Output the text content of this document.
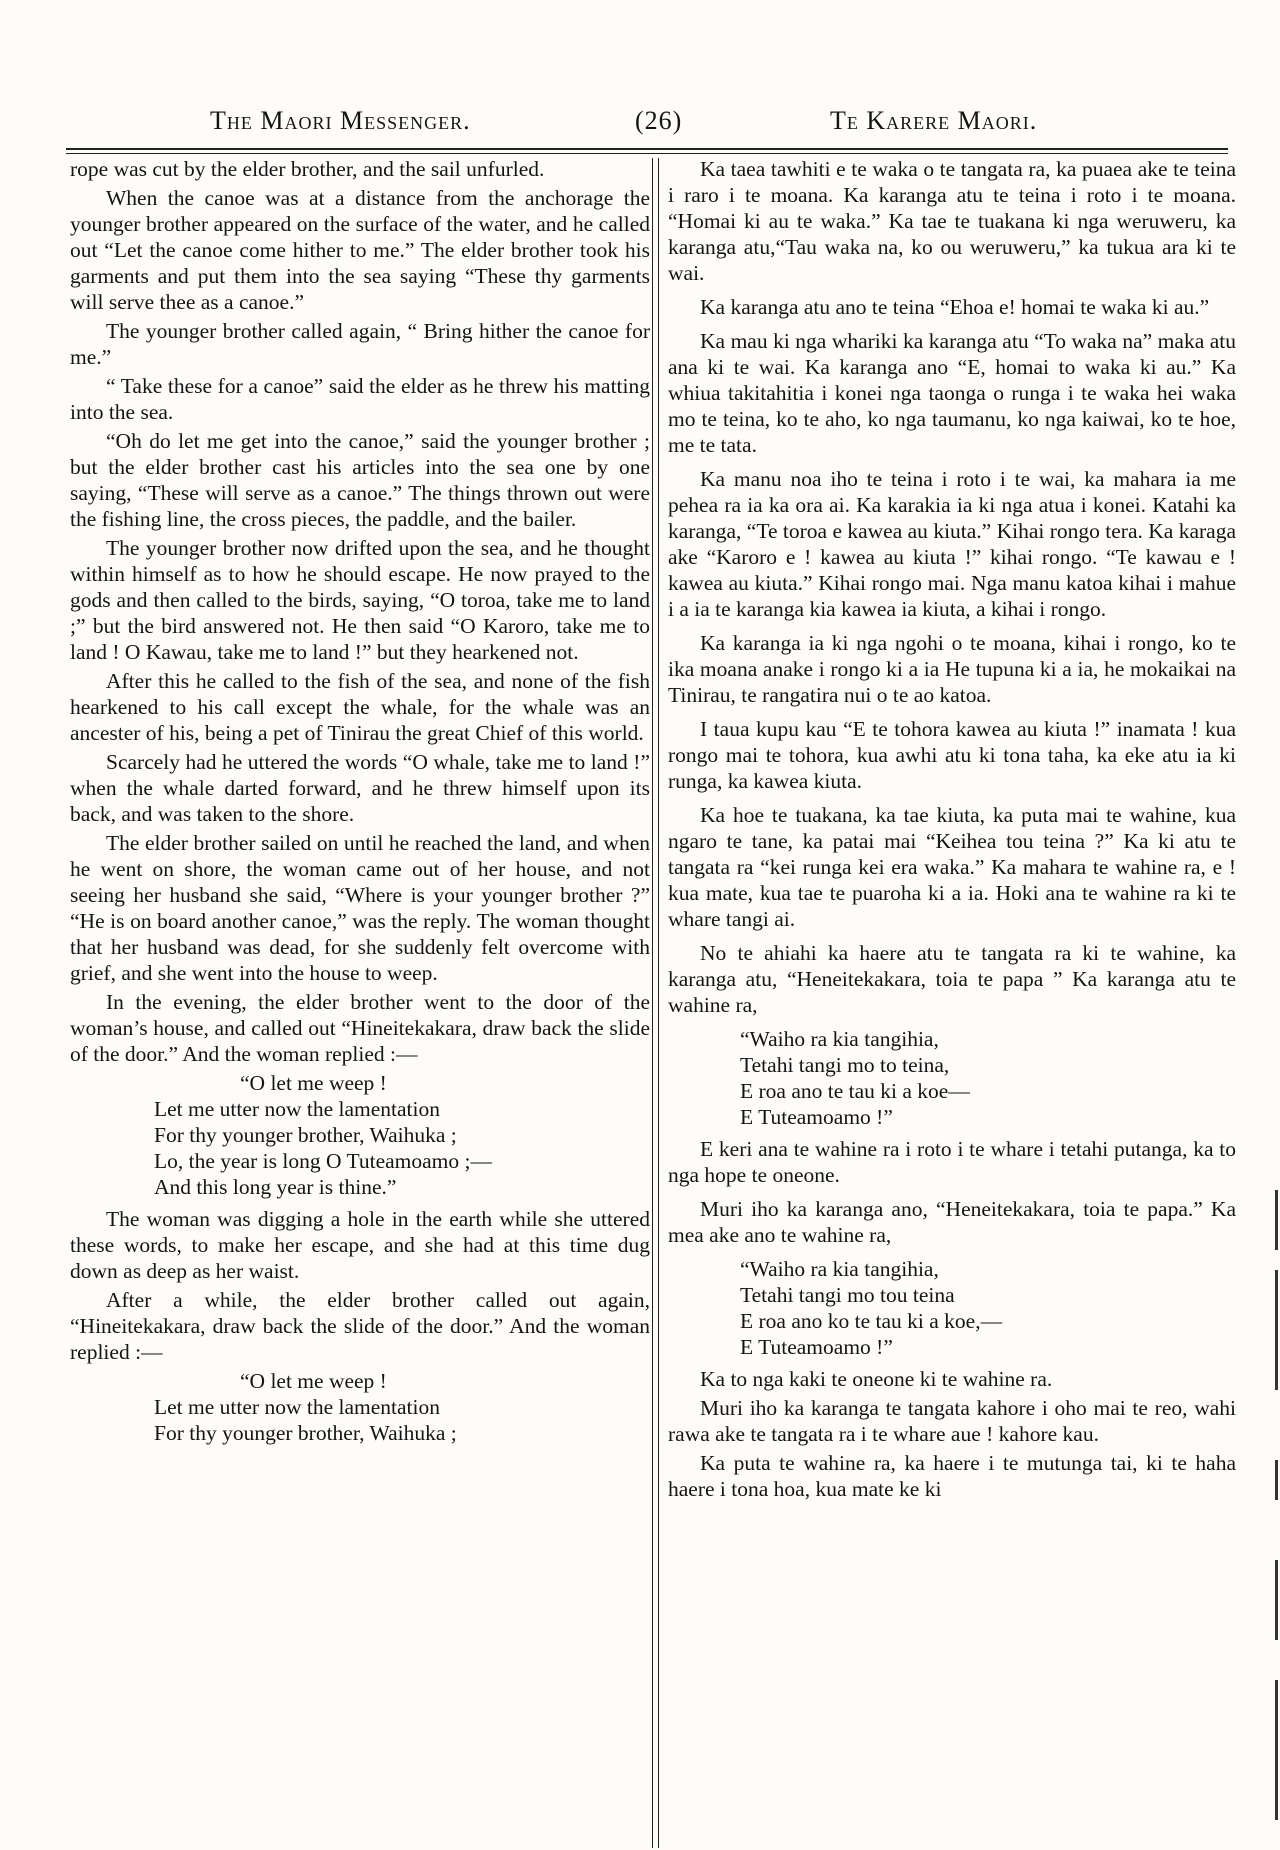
The Maori Messenger.	(26)	Te Karere Maori.

rope was cut by the elder brother, and the sail unfurled.

When the canoe was at a distance from the anchorage the younger brother appeared on the surface of the water, and he called out “Let the canoe come hither to me.” The elder brother took his garments and put them into the sea saying “These thy garments will serve thee as a canoe.”

The younger brother called again, “ Bring hither the canoe for me.”

“ Take these for a canoe” said the elder as he threw his matting into the sea.

“Oh do let me get into the canoe,” said the younger brother ; but the elder brother cast his articles into the sea one by one saying, “These will serve as a canoe.” The things thrown out were the fishing line, the cross pieces, the paddle, and the bailer.

The younger brother now drifted upon the sea, and he thought within himself as to how he should escape. He now prayed to the gods and then called to the birds, saying, “O toroa, take me to land ;” but the bird answered not. He then said “O Karoro, take me to land ! O Kawau, take me to land !” but they hearkened not.

After this he called to the fish of the sea, and none of the fish hearkened to his call except the whale, for the whale was an ancester of his, being a pet of Tinirau the great Chief of this world.

Scarcely had he uttered the words “O whale, take me to land !” when the whale darted forward, and he threw himself upon its back, and was taken to the shore.

The elder brother sailed on until he reached the land, and when he went on shore, the woman came out of her house, and not seeing her husband she said, “Where is your younger brother ?” “He is on board another canoe,” was the reply. The woman thought that her husband was dead, for she suddenly felt overcome with grief, and she went into the house to weep.

In the evening, the elder brother went to the door of the woman’s house, and called out “Hineitekakara, draw back the slide of the door.” And the woman replied :—

“O let me weep !
Let me utter now the lamentation
For thy younger brother, Waihuka ;
Lo, the year is long O Tuteamoamo ;—
And this long year is thine.”

The woman was digging a hole in the earth while she uttered these words, to make her escape, and she had at this time dug down as deep as her waist.

After a while, the elder brother called out again, “Hineitekakara, draw back the slide of the door.” And the woman replied :—

“O let me weep !
Let me utter now the lamentation
For thy younger brother, Waihuka ;

Ka taea tawhiti e te waka o te tangata ra, ka puaea ake te teina i raro i te moana. Ka karanga atu te teina i roto i te moana. “Homai ki au te waka.” Ka tae te tuakana ki nga weruweru, ka karanga atu,“Tau waka na, ko ou weruweru,” ka tukua ara ki te wai.

Ka karanga atu ano te teina “Ehoa e! homai te waka ki au.”

Ka mau ki nga whariki ka karanga atu “To waka na” maka atu ana ki te wai. Ka karanga ano “E, homai to waka ki au.” Ka whiua takitahitia i konei nga taonga o runga i te waka hei waka mo te teina, ko te aho, ko nga taumanu, ko nga kaiwai, ko te hoe, me te tata.

Ka manu noa iho te teina i roto i te wai, ka mahara ia me pehea ra ia ka ora ai. Ka karakia ia ki nga atua i konei. Katahi ka karanga, “Te toroa e kawea au kiuta.” Kihai rongo tera. Ka karaga ake “Karoro e ! kawea au kiuta !” kihai rongo. “Te kawau e ! kawea au kiuta.” Kihai rongo mai. Nga manu katoa kihai i mahue i a ia te karanga kia kawea ia kiuta, a kihai i rongo.

Ka karanga ia ki nga ngohi o te moana, kihai i rongo, ko te ika moana anake i rongo ki a ia He tupuna ki a ia, he mokaikai na Tinirau, te rangatira nui o te ao katoa.

I taua kupu kau “E te tohora kawea au kiuta !” inamata ! kua rongo mai te tohora, kua awhi atu ki tona taha, ka eke atu ia ki runga, ka kawea kiuta.

Ka hoe te tuakana, ka tae kiuta, ka puta mai te wahine, kua ngaro te tane, ka patai mai “Keihea tou teina ?” Ka ki atu te tangata ra “kei runga kei era waka.” Ka mahara te wahine ra, e ! kua mate, kua tae te puaroha ki a ia. Hoki ana te wahine ra ki te whare tangi ai.

No te ahiahi ka haere atu te tangata ra ki te wahine, ka karanga atu, “Heneitekakara, toia te papa ” Ka karanga atu te wahine ra,

“Waiho ra kia tangihia,
Tetahi tangi mo to teina,
E roa ano te tau ki a koe—
E Tuteamoamo !”

E keri ana te wahine ra i roto i te whare i tetahi putanga, ka to nga hope te oneone.

Muri iho ka karanga ano, “Heneitekakara, toia te papa.” Ka mea ake ano te wahine ra,

“Waiho ra kia tangihia,
Tetahi tangi mo tou teina
E roa ano ko te tau ki a koe,—
E Tuteamoamo !”

Ka to nga kaki te oneone ki te wahine ra.

Muri iho ka karanga te tangata kahore i oho mai te reo, wahi rawa ake te tangata ra i te whare aue ! kahore kau.

Ka puta te wahine ra, ka haere i te mutunga tai, ki te haha haere i tona hoa, kua mate ke ki
